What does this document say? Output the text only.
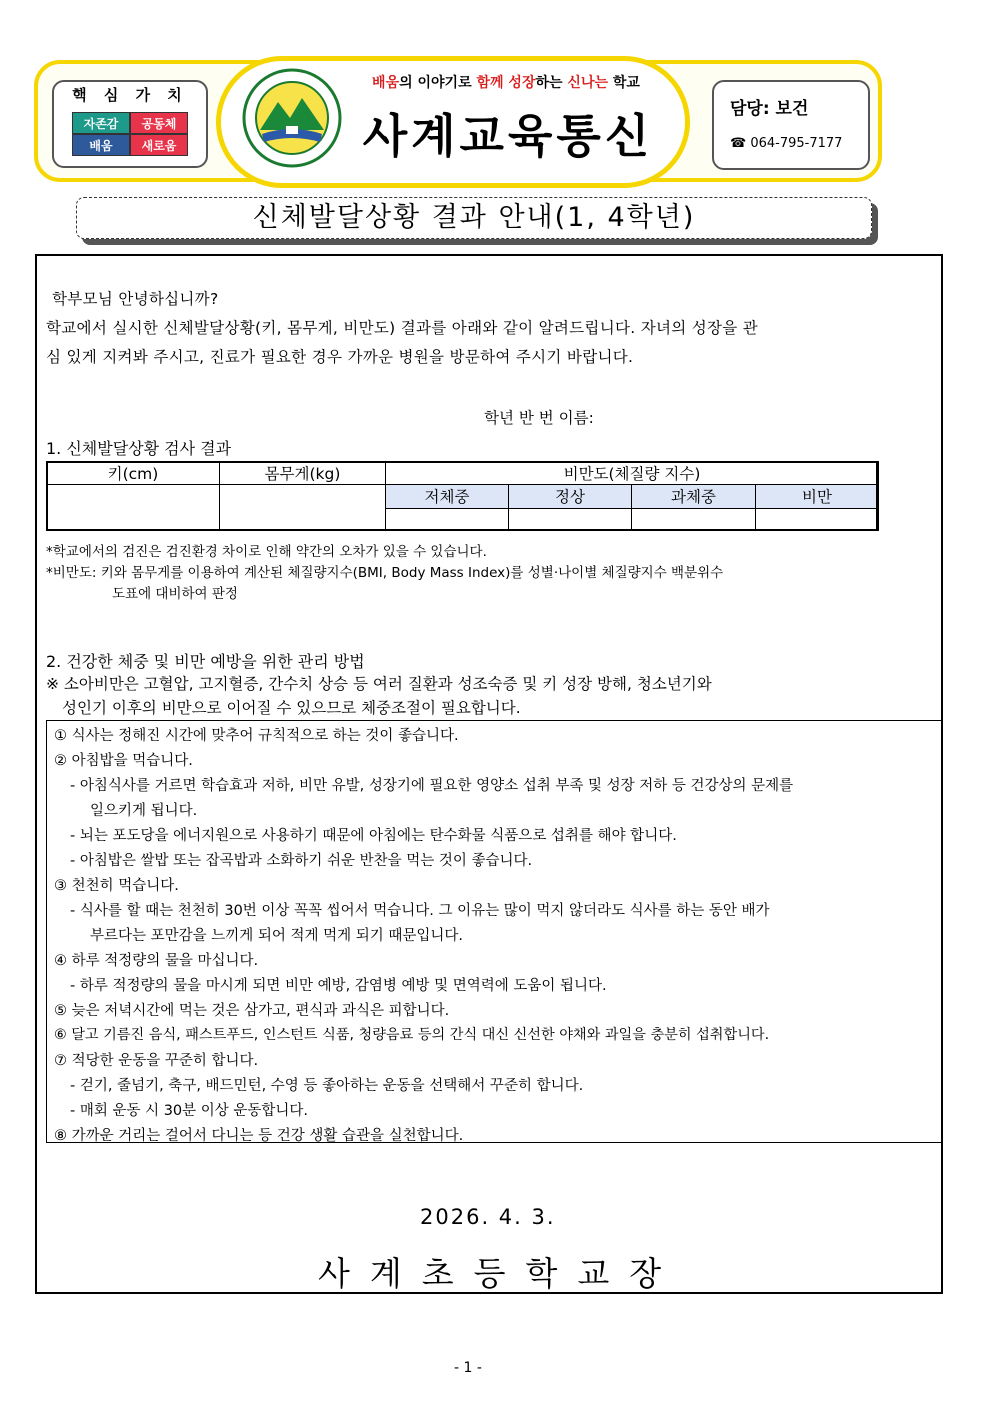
핵 심 가 치
자존감	공동체
배움	새로움
배움의 이야기로 함께 성장하는 신나는 학교
사계교육통신	담당: 보건
☎ 064-795-7177
신체발달상황 결과 안내(1, 4학년)
학부모님 안녕하십니까?
학교에서 실시한 신체발달상황(키, 몸무게, 비만도) 결과를 아래와 같이 알려드립니다. 자녀의 성장을 관
심 있게 지켜봐 주시고, 진료가 필요한 경우 가까운 병원을 방문하여 주시기 바랍니다.
학년 반 번 이름:
1. 신체발달상황 검사 결과
키(cm)	몸무게(kg)	비만도(체질량 지수)			
		저체중	정상	과체중	비만

*학교에서의 검진은 검진환경 차이로 인해 약간의 오차가 있을 수 있습니다.
*비만도: 키와 몸무게를 이용하여 계산된 체질량지수(BMI, Body Mass Index)를 성별·나이별 체질량지수 백분위수
도표에 대비하여 판정
2. 건강한 체중 및 비만 예방을 위한 관리 방법
※ 소아비만은 고혈압, 고지혈증, 간수치 상승 등 여러 질환과 성조숙증 및 키 성장 방해, 청소년기와
성인기 이후의 비만으로 이어질 수 있으므로 체중조절이 필요합니다.
① 식사는 정해진 시간에 맞추어 규칙적으로 하는 것이 좋습니다.
② 아침밥을 먹습니다.
- 아침식사를 거르면 학습효과 저하, 비만 유발, 성장기에 필요한 영양소 섭취 부족 및 성장 저하 등 건강상의 문제를
일으키게 됩니다.
- 뇌는 포도당을 에너지원으로 사용하기 때문에 아침에는 탄수화물 식품으로 섭취를 해야 합니다.
- 아침밥은 쌀밥 또는 잡곡밥과 소화하기 쉬운 반찬을 먹는 것이 좋습니다.
③ 천천히 먹습니다.
- 식사를 할 때는 천천히 30번 이상 꼭꼭 씹어서 먹습니다. 그 이유는 많이 먹지 않더라도 식사를 하는 동안 배가
부르다는 포만감을 느끼게 되어 적게 먹게 되기 때문입니다.
④ 하루 적정량의 물을 마십니다.
- 하루 적정량의 물을 마시게 되면 비만 예방, 감염병 예방 및 면역력에 도움이 됩니다.
⑤ 늦은 저녁시간에 먹는 것은 삼가고, 편식과 과식은 피합니다.
⑥ 달고 기름진 음식, 패스트푸드, 인스턴트 식품, 청량음료 등의 간식 대신 신선한 야채와 과일을 충분히 섭취합니다.
⑦ 적당한 운동을 꾸준히 합니다.
- 걷기, 줄넘기, 축구, 배드민턴, 수영 등 좋아하는 운동을 선택해서 꾸준히 합니다.
- 매회 운동 시 30분 이상 운동합니다.
⑧ 가까운 거리는 걸어서 다니는 등 건강 생활 습관을 실천합니다.
2026. 4. 3.
사계초등학교장
- 1 -
